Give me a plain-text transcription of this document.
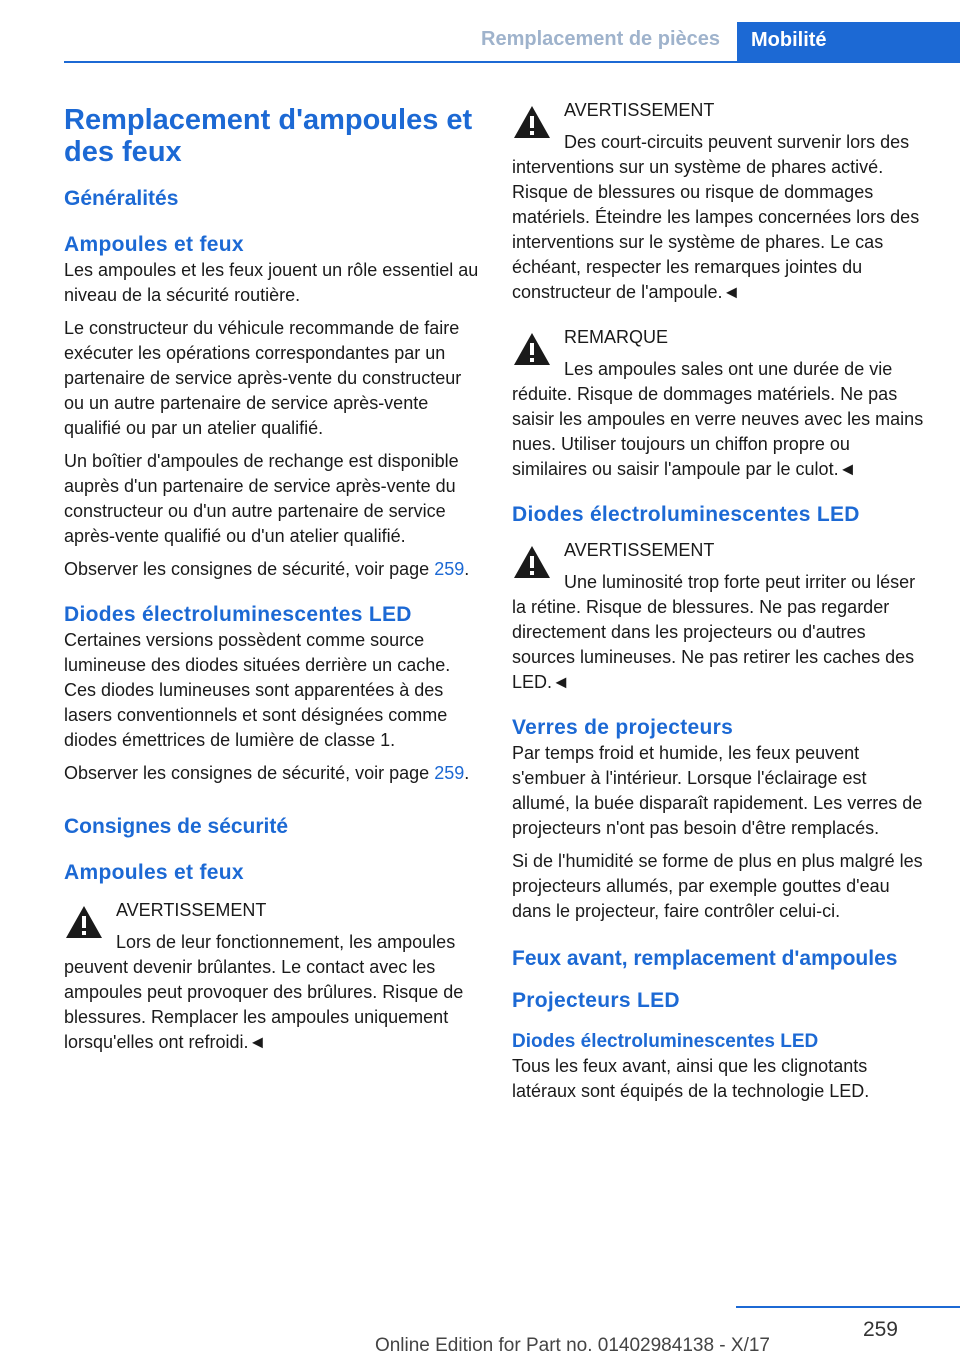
Remplacement de pièces	Mobilité
Remplacement d'ampoules et des feux
Généralités
Ampoules et feux

Les ampoules et les feux jouent un rôle essentiel au niveau de la sécurité routière.

Le constructeur du véhicule recommande de faire exécuter les opérations correspondantes par un partenaire de service après-vente du constructeur ou un autre partenaire de service après-vente qualifié ou par un atelier qualifié.

Un boîtier d'ampoules de rechange est disponible auprès d'un partenaire de service après-vente du constructeur ou d'un autre partenaire de service après-vente qualifié ou d'un atelier qualifié.

Observer les consignes de sécurité, voir page 259.

Diodes électroluminescentes LED

Certaines versions possèdent comme source lumineuse des diodes situées derrière un cache. Ces diodes lumineuses sont apparentées à des lasers conventionnels et sont désignées comme diodes émettrices de lumière de classe 1.

Observer les consignes de sécurité, voir page 259.

Consignes de sécurité
Ampoules et feux
AVERTISSEMENT
Lors de leur fonctionnement, les ampoules peuvent devenir brûlantes. Le contact avec les ampoules peut provoquer des brûlures. Risque de blessures. Remplacer les ampoules uniquement lorsqu'elles ont refroidi.◄
AVERTISSEMENT
Des court-circuits peuvent survenir lors des interventions sur un système de phares activé. Risque de blessures ou risque de dommages matériels. Éteindre les lampes concernées lors des interventions sur le système de phares. Le cas échéant, respecter les remarques jointes du constructeur de l'ampoule.◄
REMARQUE
Les ampoules sales ont une durée de vie réduite. Risque de dommages matériels. Ne pas saisir les ampoules en verre neuves avec les mains nues. Utiliser toujours un chiffon propre ou similaires ou saisir l'ampoule par le culot.◄
Diodes électroluminescentes LED
AVERTISSEMENT
Une luminosité trop forte peut irriter ou léser la rétine. Risque de blessures. Ne pas regarder directement dans les projecteurs ou d'autres sources lumineuses. Ne pas retirer les caches des LED.◄
Verres de projecteurs

Par temps froid et humide, les feux peuvent s'embuer à l'intérieur. Lorsque l'éclairage est allumé, la buée disparaît rapidement. Les verres de projecteurs n'ont pas besoin d'être remplacés.

Si de l'humidité se forme de plus en plus malgré les projecteurs allumés, par exemple gouttes d'eau dans le projecteur, faire contrôler celui-ci.

Feux avant, remplacement d'ampoules
Projecteurs LED
Diodes électroluminescentes LED

Tous les feux avant, ainsi que les clignotants latéraux sont équipés de la technologie LED.

259
Online Edition for Part no. 01402984138 - X/17
